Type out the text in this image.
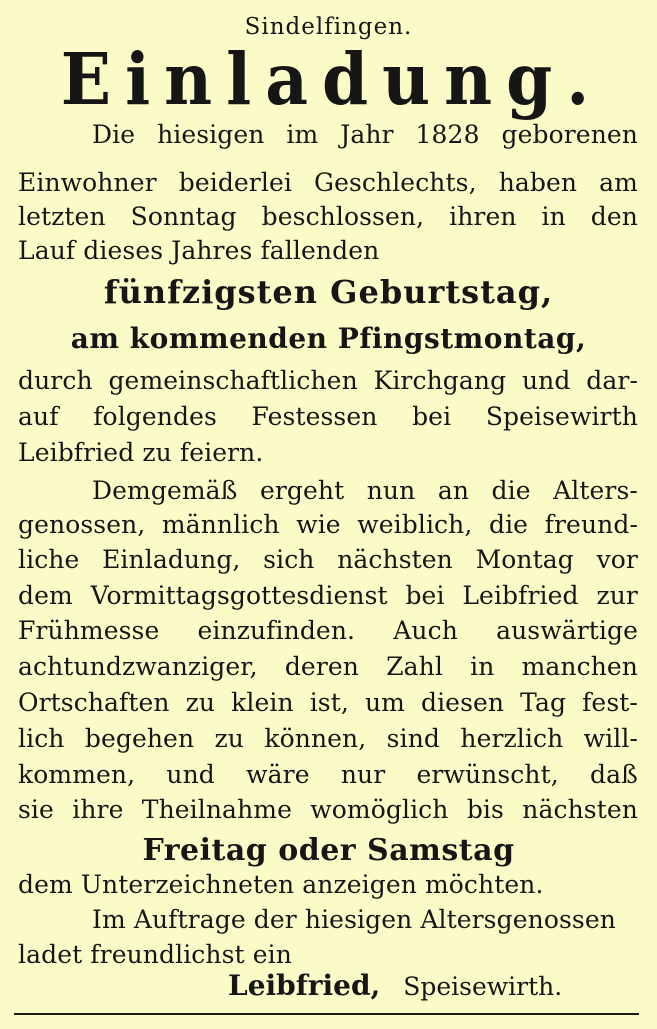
Sindelfingen.
Einladung.
Die hiesigen im Jahr 1828 geborenen
Einwohner beiderlei Geschlechts, haben am
letzten Sonntag beschlossen, ihren in den
Lauf dieses Jahres fallenden
fünfzigsten Geburtstag,
am kommenden Pfingstmontag,
durch gemeinschaftlichen Kirchgang und dar-
auf folgendes Festessen bei Speisewirth
Leibfried zu feiern.
Demgemäß ergeht nun an die Alters-
genossen, männlich wie weiblich, die freund-
liche Einladung, sich nächsten Montag vor
dem Vormittagsgottesdienst bei Leibfried zur
Frühmesse einzufinden. Auch auswärtige
achtundzwanziger, deren Zahl in manchen
Ortschaften zu klein ist, um diesen Tag fest-
lich begehen zu können, sind herzlich will-
kommen, und wäre nur erwünscht, daß
sie ihre Theilnahme womöglich bis nächsten
Freitag oder Samstag
dem Unterzeichneten anzeigen möchten.
Im Auftrage der hiesigen Altersgenossen
ladet freundlichst ein
Leibfried, Speisewirth.
